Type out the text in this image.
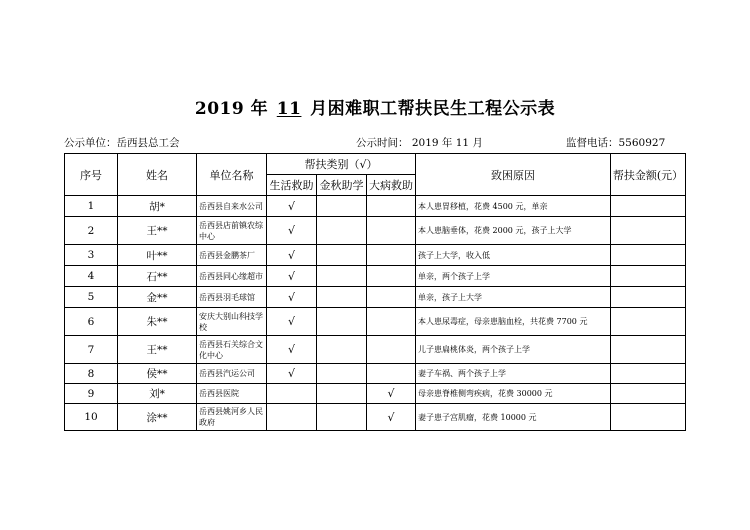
2019 年 11 月困难职工帮扶民生工程公示表
公示单位：岳西县总工会	公示时间： 2019 年 11 月	监督电话：5560927
序号	姓名	单位名称	帮扶类别（√）			致困原因	帮扶金额(元）
			生活救助	金秋助学	大病救助		
1	胡*	岳西县自来水公司	√			本人患胃移植，花费 4500 元，单亲	
2	王**	岳西县店前镇农综中心	√			本人患脑垂体，花费 2000 元，孩子上大学	
3	叶**	岳西县金鹏茶厂	√			孩子上大学，收入低	
4	石**	岳西县同心缘超市	√			单亲，两个孩子上学	
5	金**	岳西县羽毛球馆	√			单亲，孩子上大学	
6	朱**	安庆大别山科技学校	√			本人患尿毒症，母亲患脑血栓，共花费 7700 元	
7	王**	岳西县石关综合文化中心	√			儿子患扁桃体炎，两个孩子上学	
8	侯**	岳西县汽运公司	√			妻子车祸、两个孩子上学	
9	刘*	岳西县医院			√	母亲患脊椎侧弯疾病，花费 30000 元	
10	涂**	岳西县姚河乡人民政府			√	妻子患子宫肌瘤，花费 10000 元	
